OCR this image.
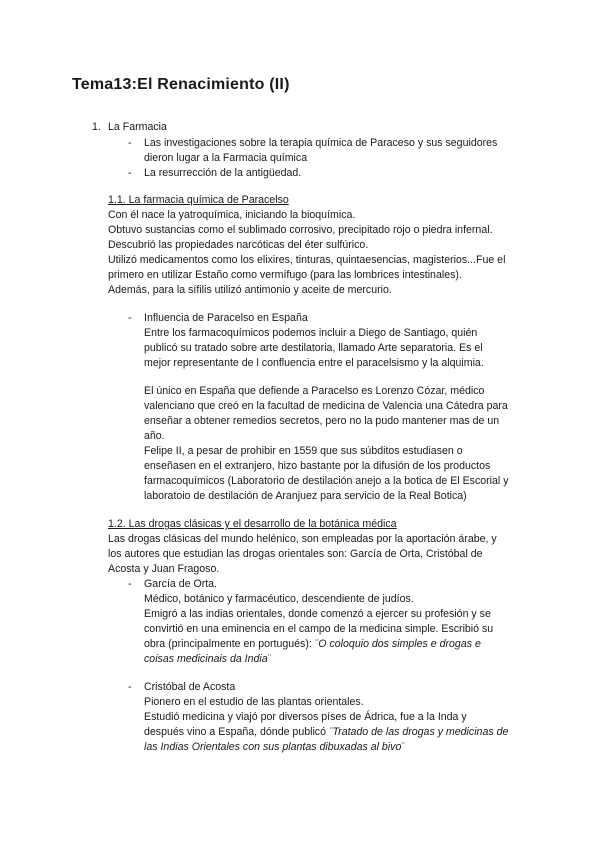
Tema13:El Renacimiento (II)
1. La Farmacia
- Las investigaciones sobre la terapia química de Paraceso y sus seguidores
dieron lugar a la Farmacia química
- La resurrección de la antigüedad.
1.1. La farmacia química de Paracelso
Con él nace la yatroquímica, iniciando la bioquímica.
Obtuvo sustancias como el sublimado corrosivo, precipitado rojo o piedra infernal.
Descubrió las propiedades narcóticas del éter sulfúrico.
Utilizó medicamentos como los elixires, tinturas, quintaesencias, magisterios...Fue el
primero en utilizar Estaño como vermífugo (para las lombrices intestinales).
Además, para la sífilis utilizó antimonio y aceite de mercurio.
- Influencia de Paracelso en España
Entre los farmacoquímicos podemos incluir a Diego de Santiago, quién
publicó su tratado sobre arte destilatoria, llamado Arte separatoria. Es el
mejor representante de l confluencia entre el paracelsismo y la alquimia.
El único en España que defiende a Paracelso es Lorenzo Cózar, médico
valenciano que creó en la facultad de medicina de Valencia una Cátedra para
enseñar a obtener remedios secretos, pero no la pudo mantener mas de un
año.
Felipe II, a pesar de prohibir en 1559 que sus súbditos estudiasen o
enseñasen en el extranjero, hizo bastante por la difusión de los productos
farmacoquímicos (Laboratorio de destilación anejo a la botica de El Escorial y
laboratoio de destilación de Aranjuez para servicio de la Real Botica)
1.2. Las drogas clásicas y el desarrollo de la botánica médica
Las drogas clásicas del mundo helénico, son empleadas por la aportación árabe, y
los autores que estudian las drogas orientales son: García de Orta, Cristóbal de
Acosta y Juan Fragoso.
- García de Orta.
Médico, botánico y farmacéutico, descendiente de judíos.
Emigró a las indias orientales, donde comenzó a ejercer su profesión y se
convirtió en una eminencia en el campo de la medicina simple. Escribió su
obra (principalmente en portugués): ¨O coloquio dos simples e drogas e
coisas medicinais da India¨
- Cristóbal de Acosta
Pionero en el estudio de las plantas orientales.
Estudió medicina y viajó por diversos píses de Ádrica, fue a la Inda y
después vino a España, dónde publicó ¨Tratado de las drogas y medicinas de
las Indias Orientales con sus plantas dibuxadas al bivo¨
